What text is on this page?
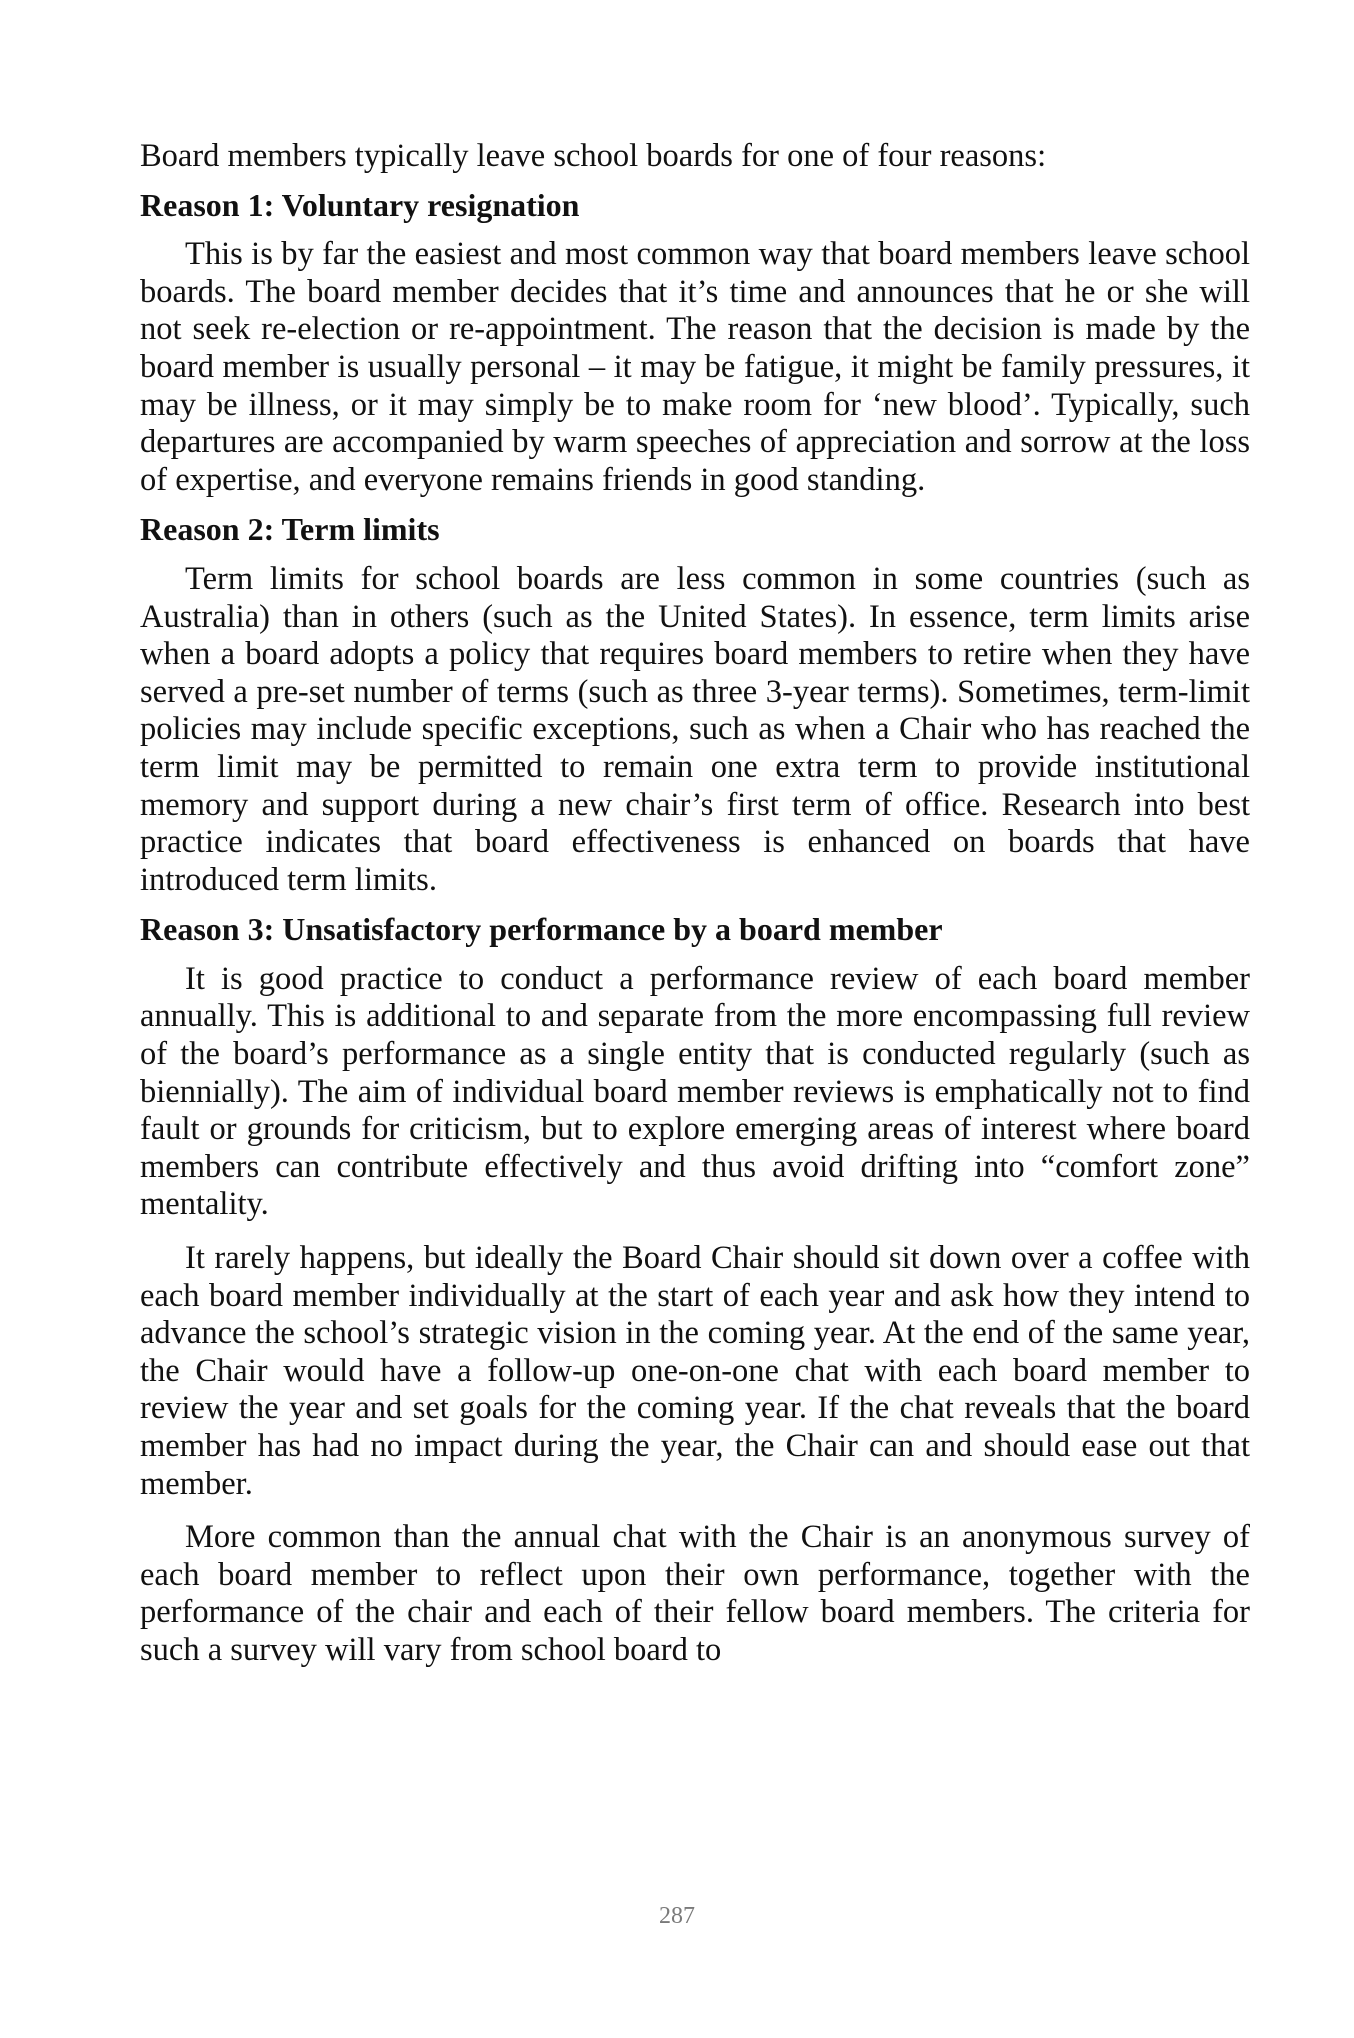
Board members typically leave school boards for one of four reasons:

Reason 1: Voluntary resignation

This is by far the easiest and most common way that board members leave school boards. The board member decides that it’s time and announces that he or she will not seek re-election or re-appointment. The reason that the decision is made by the board member is usually personal – it may be fatigue, it might be family pressures, it may be illness, or it may simply be to make room for ‘new blood’. Typically, such departures are accompanied by warm speeches of appreciation and sorrow at the loss of expertise, and everyone remains friends in good standing.

Reason 2: Term limits

Term limits for school boards are less common in some countries (such as Australia) than in others (such as the United States). In essence, term limits arise when a board adopts a policy that requires board members to retire when they have served a pre-set number of terms (such as three 3-year terms). Sometimes, term-limit policies may include specific exceptions, such as when a Chair who has reached the term limit may be permitted to remain one extra term to provide institutional memory and support during a new chair’s first term of office. Research into best practice indicates that board effectiveness is enhanced on boards that have introduced term limits.

Reason 3: Unsatisfactory performance by a board member

It is good practice to conduct a performance review of each board member annually. This is additional to and separate from the more encompassing full review of the board’s performance as a single entity that is conducted regularly (such as biennially). The aim of individual board member reviews is emphatically not to find fault or grounds for criticism, but to explore emerging areas of interest where board members can contribute effectively and thus avoid drifting into “comfort zone” mentality.

It rarely happens, but ideally the Board Chair should sit down over a coffee with each board member individually at the start of each year and ask how they intend to advance the school’s strategic vision in the coming year. At the end of the same year, the Chair would have a follow-up one-on-one chat with each board member to review the year and set goals for the coming year. If the chat reveals that the board member has had no impact during the year, the Chair can and should ease out that member.

More common than the annual chat with the Chair is an anonymous survey of each board member to reflect upon their own performance, together with the performance of the chair and each of their fellow board members. The criteria for such a survey will vary from school board to

287
